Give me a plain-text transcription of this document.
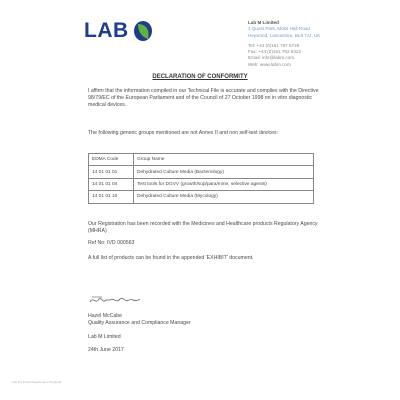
LAB	Lab M Limited
1 Quest Park, Moss Hall Road
Heywood, Lancashire, BL9 7JJ, UK
Tel: +44 (0)161 797 5729
Fax: +44 (0)161 762 9322
Email: info@labm.com
Web: www.labm.com
DECLARATION OF CONFORMITY
I affirm that the information compiled in our Technical File is accurate and complies with the Directive 98/79/EC of the European Parliament and of the Council of 27 October 1998 on in vitro diagnostic medical devices.
The following generic groups mentioned are not Annex II and non self-test devices:
EDMA Code	Group Name
14 01 01 01	Dehydrated Culture Media (Bacteriology)
14 01 01 04	Test tools for DGVV (growth/sup/para/mine, selective agents)
14 01 01 10	Dehydrated Culture Media (Mycology)
Our Registration has been recorded with the Medicines and Healthcare products Regulatory Agency (MHRA)
Ref No: IVD 000563
A full list of products can be found in the appended 'EXHIBIT' document.
Hazel McCabe
Quality Assurance and Compliance Manager
Lab M Limited
24th June 2017
Lab M Limited Registered in England
